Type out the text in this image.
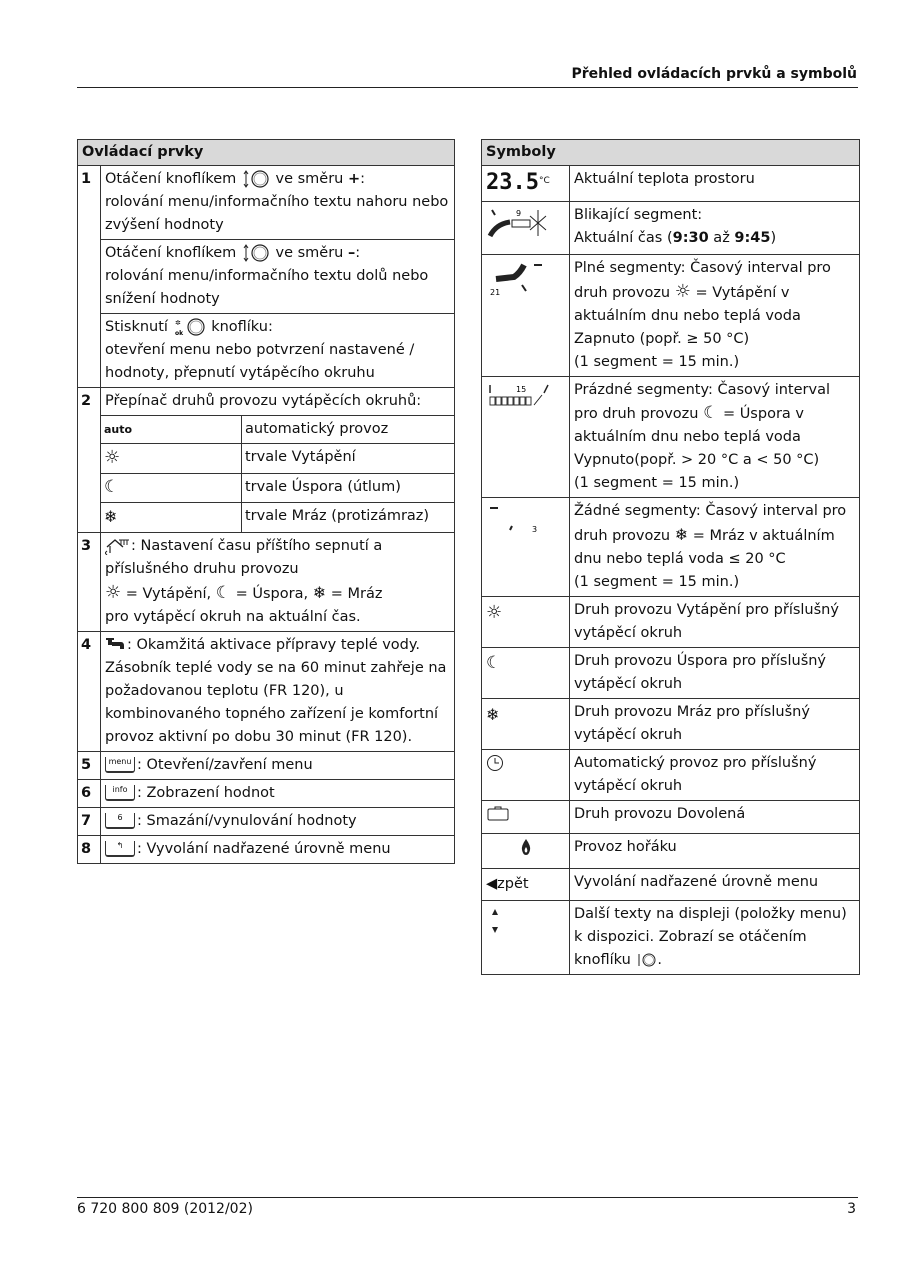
Přehled ovládacích prvků a symbolů
Ovládací prvky
1	Otáčení knoflíkem	ve směru +:
rolování menu/informačního textu nahoru nebo zvýšení hodnoty
Otáčení knoflíkem	ve směru –:
rolování menu/informačního textu dolů nebo snížení hodnoty
Stisknutí ✲
ok knoflíku:
otevření menu nebo potvrzení nastavené / hodnoty, přepnutí vytápěcího okruhu
2	Přepínač druhů provozu vytápěcích okruhů:
auto	automatický provoz
☼	trvale Vytápění
☾	trvale Úspora (útlum)
❄	trvale Mráz (protizámraz)

3	: Nastavení času příštího sepnutí a příslušného druhu provozu
☼ = Vytápění, ☾ = Úspora, ❄ = Mráz
pro vytápěcí okruh na aktuální čas.
4	: Okamžitá aktivace přípravy teplé vody. Zásobník teplé vody se na 60 minut zahřeje na požadovanou teplotu (FR 120), u kombinovaného topného zařízení je komfortní provoz aktivní po dobu 30 minut (FR 120).
5	menu : Otevření/zavření menu
6	info : Zobrazení hodnot
7	6 : Smazání/vynulování hodnoty
8	↰ : Vyvolání nadřazené úrovně menu
Symboly	
$23.5^{^\circ C}$	Aktuální teplota prostoru

9	Blikající segment:
Aktuální čas (9:30 až 9:45)

21	Plné segmenty: Časový interval pro
druh provozu ☼ = Vytápění v aktuálním dnu nebo teplá voda Zapnuto (popř. ≥ 50 °C)
(1 segment = 15 min.)

15	Prázdné segmenty: Časový interval
pro druh provozu ☾ = Úspora v aktuálním dnu nebo teplá voda Vypnuto(popř. > 20 °C a < 50 °C)
(1 segment = 15 min.)

3	Žádné segmenty: Časový interval pro
druh provozu ❄ = Mráz v aktuálním dnu nebo teplá voda ≤ 20 °C
(1 segment = 15 min.)
☼	Druh provozu Vytápění pro příslušný vytápěcí okruh
☾	Druh provozu Úspora pro příslušný vytápěcí okruh
❄	Druh provozu Mráz pro příslušný vytápěcí okruh
	Automatický provoz pro příslušný vytápěcí okruh
	Druh provozu Dovolená
	Provoz hořáku
◀zpět	Vyvolání nadřazené úrovně menu
	Další texty na displeji (položky menu) k dispozici. Zobrazí se otáčením knoflíku .
6 720 800 809 (2012/02)	3
